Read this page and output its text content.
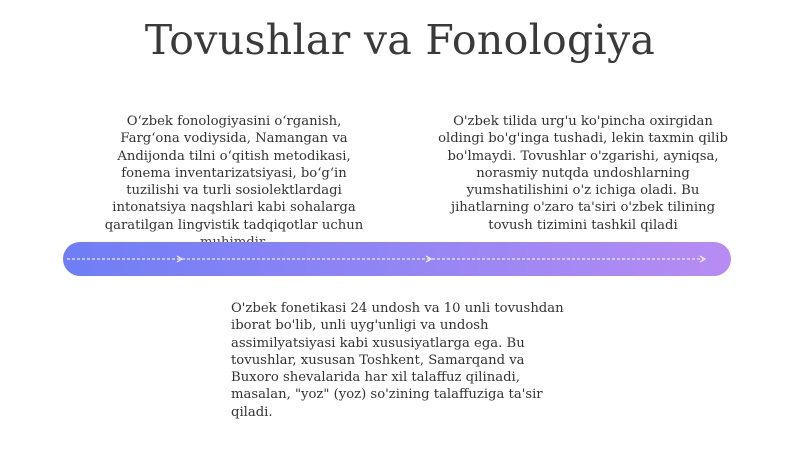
Tovushlar va Fonologiya
O‘zbek fonologiyasini o‘rganish,
Farg‘ona vodiysida, Namangan va
Andijonda tilni o‘qitish metodikasi,
fonema inventarizatsiyasi, bo‘g‘in
tuzilishi va turli sosiolektlardagi
intonatsiya naqshlari kabi sohalarga
qaratilgan lingvistik tadqiqotlar uchun
O'zbek tilida urg'u ko'pincha oxirgidan
oldingi bo'g'inga tushadi, lekin taxmin qilib
bo'lmaydi. Tovushlar o'zgarishi, ayniqsa,
norasmiy nutqda undoshlarning
yumshatilishini o'z ichiga oladi. Bu
jihatlarning o'zaro ta'siri o'zbek tilining
tovush tizimini tashkil qiladi
O'zbek fonetikasi 24 undosh va 10 unli tovushdan
iborat bo'lib, unli uyg'unligi va undosh
assimilyatsiyasi kabi xususiyatlarga ega. Bu
tovushlar, xususan Toshkent, Samarqand va
Buxoro shevalarida har xil talaffuz qilinadi,
masalan, "yoz" (yoz) so'zining talaffuziga ta'sir
qiladi.
